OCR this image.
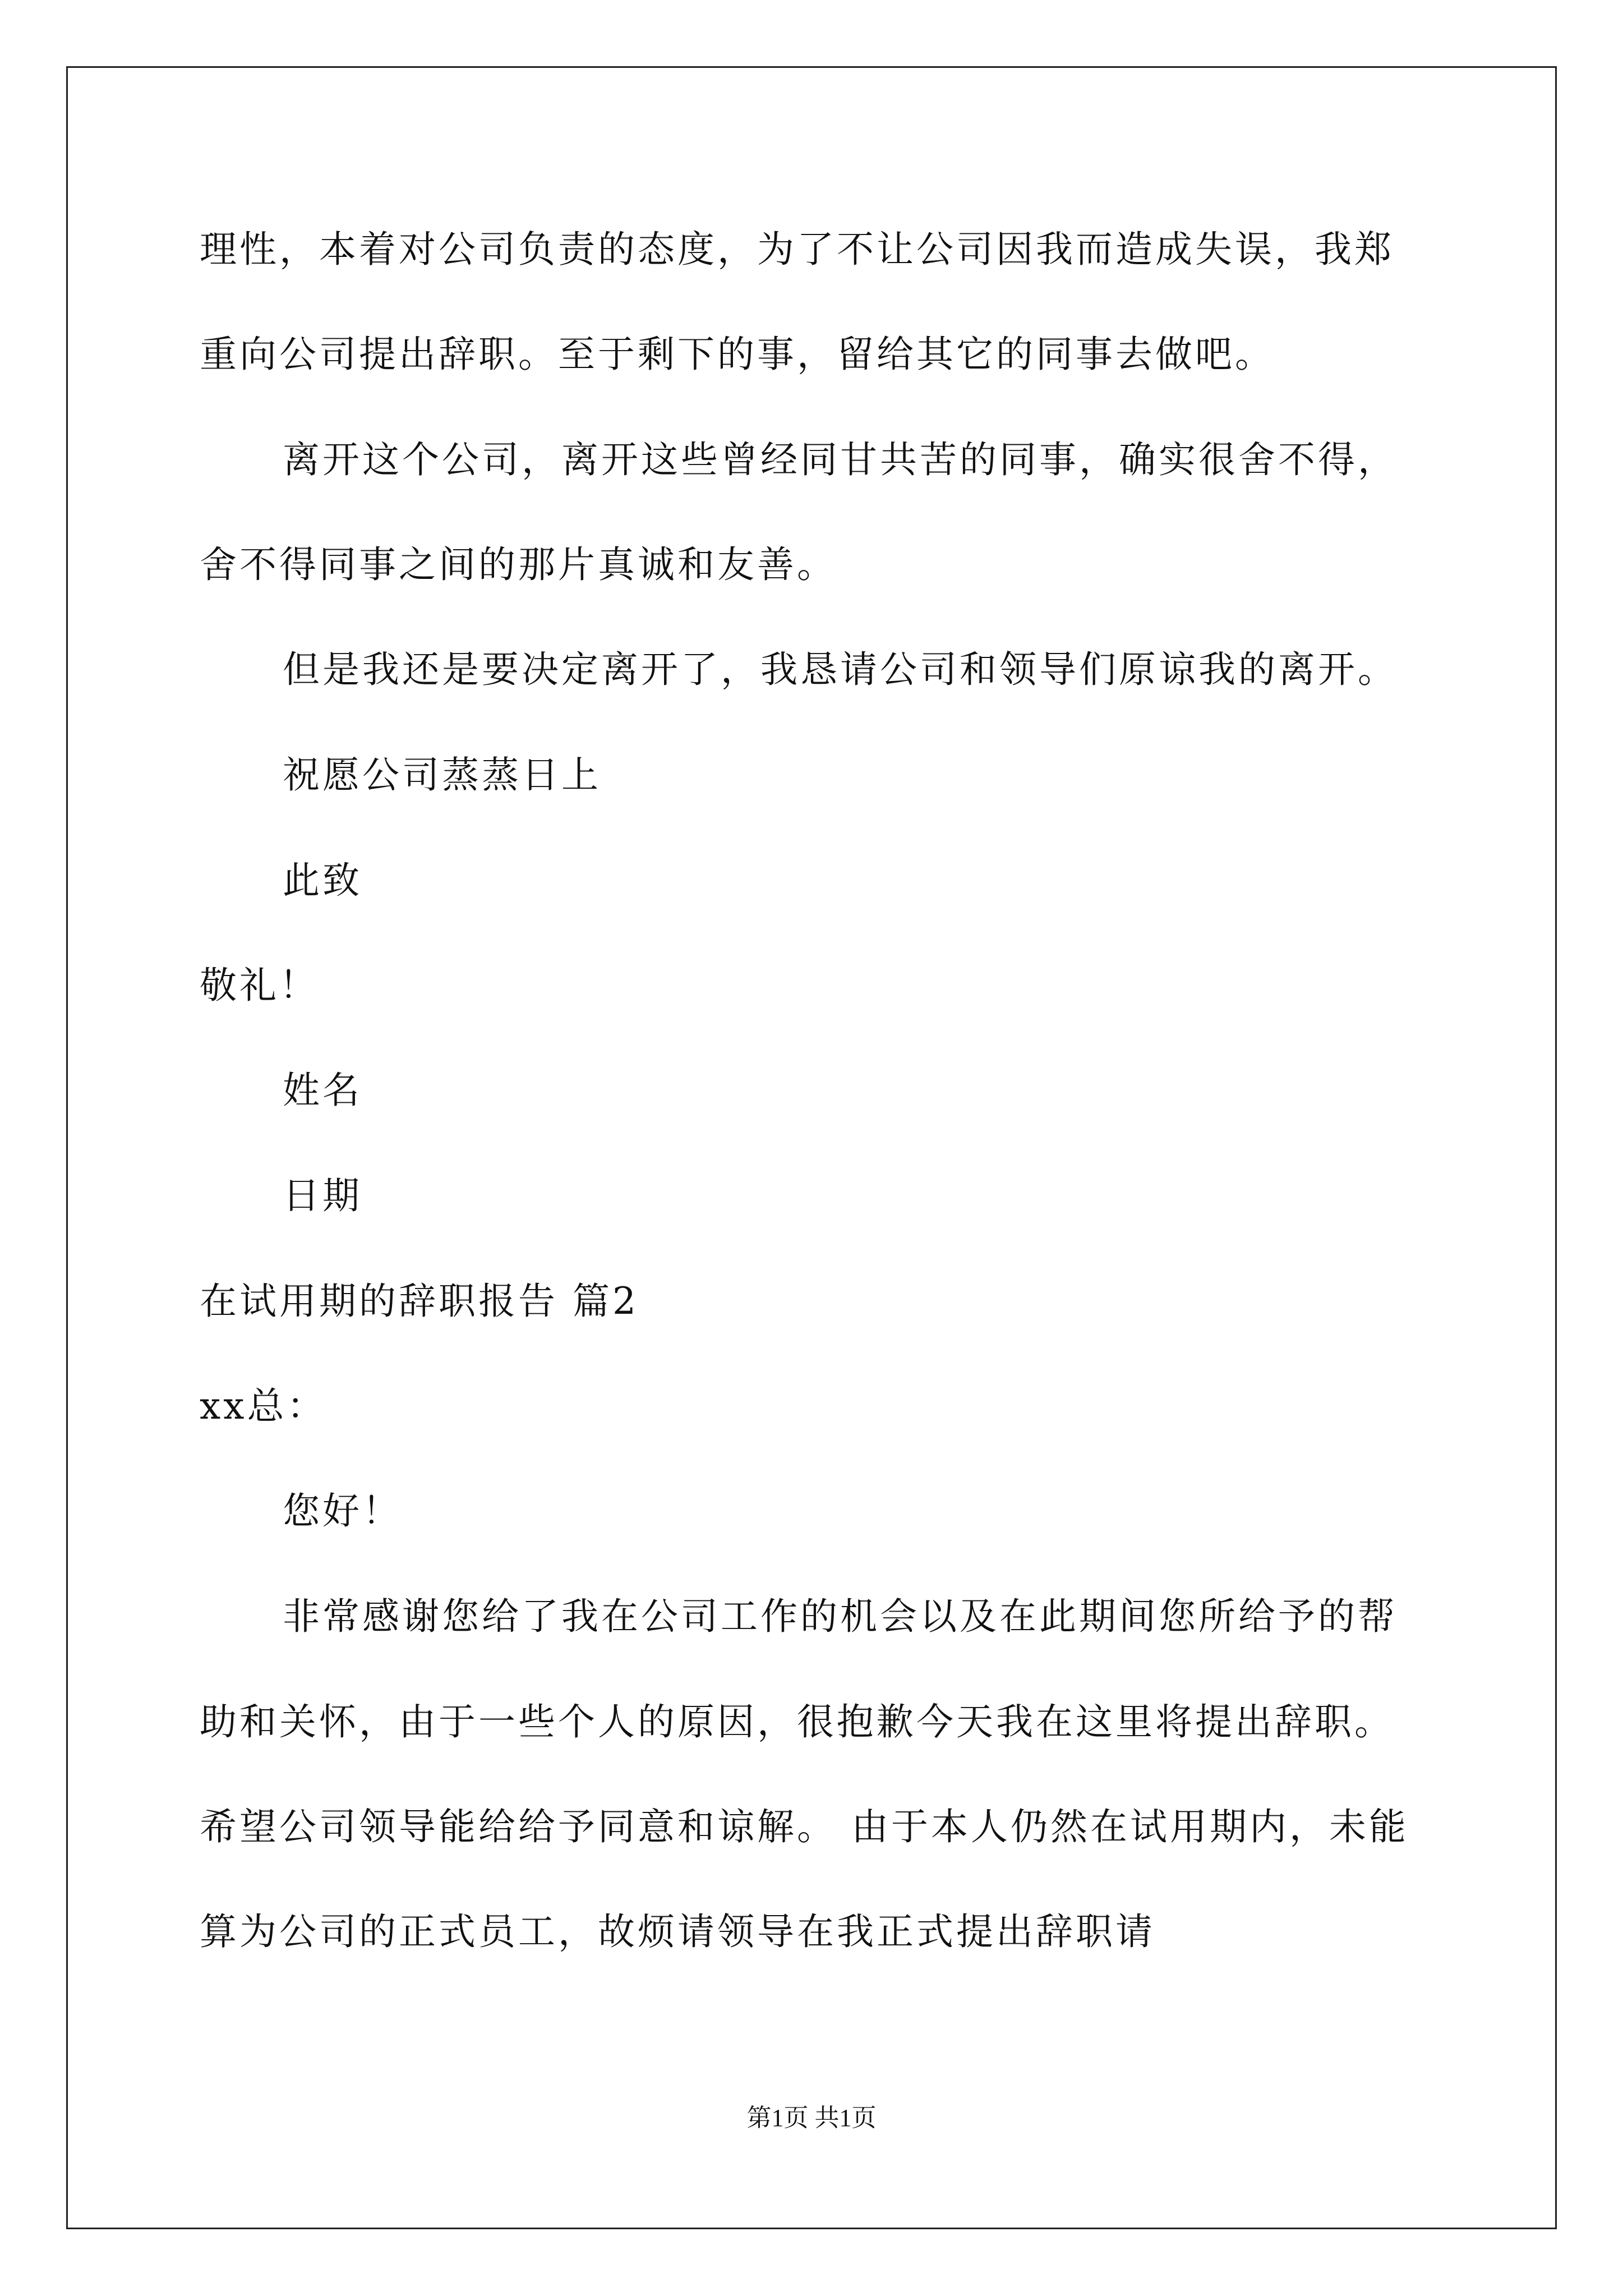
理性，本着对公司负责的态度，为了不让公司因我而造成失误，我郑
重向公司提出辞职。至于剩下的事，留给其它的同事去做吧。
离开这个公司，离开这些曾经同甘共苦的同事，确实很舍不得，
舍不得同事之间的那片真诚和友善。
但是我还是要决定离开了，我恳请公司和领导们原谅我的离开。
祝愿公司蒸蒸日上
此致
敬礼！
姓名
日期
在试用期的辞职报告 篇2
xx总：
您好！
非常感谢您给了我在公司工作的机会以及在此期间您所给予的帮
助和关怀，由于一些个人的原因，很抱歉今天我在这里将提出辞职。
希望公司领导能给给予同意和谅解。 由于本人仍然在试用期内，未能
算为公司的正式员工，故烦请领导在我正式提出辞职请
第1页 共1页
